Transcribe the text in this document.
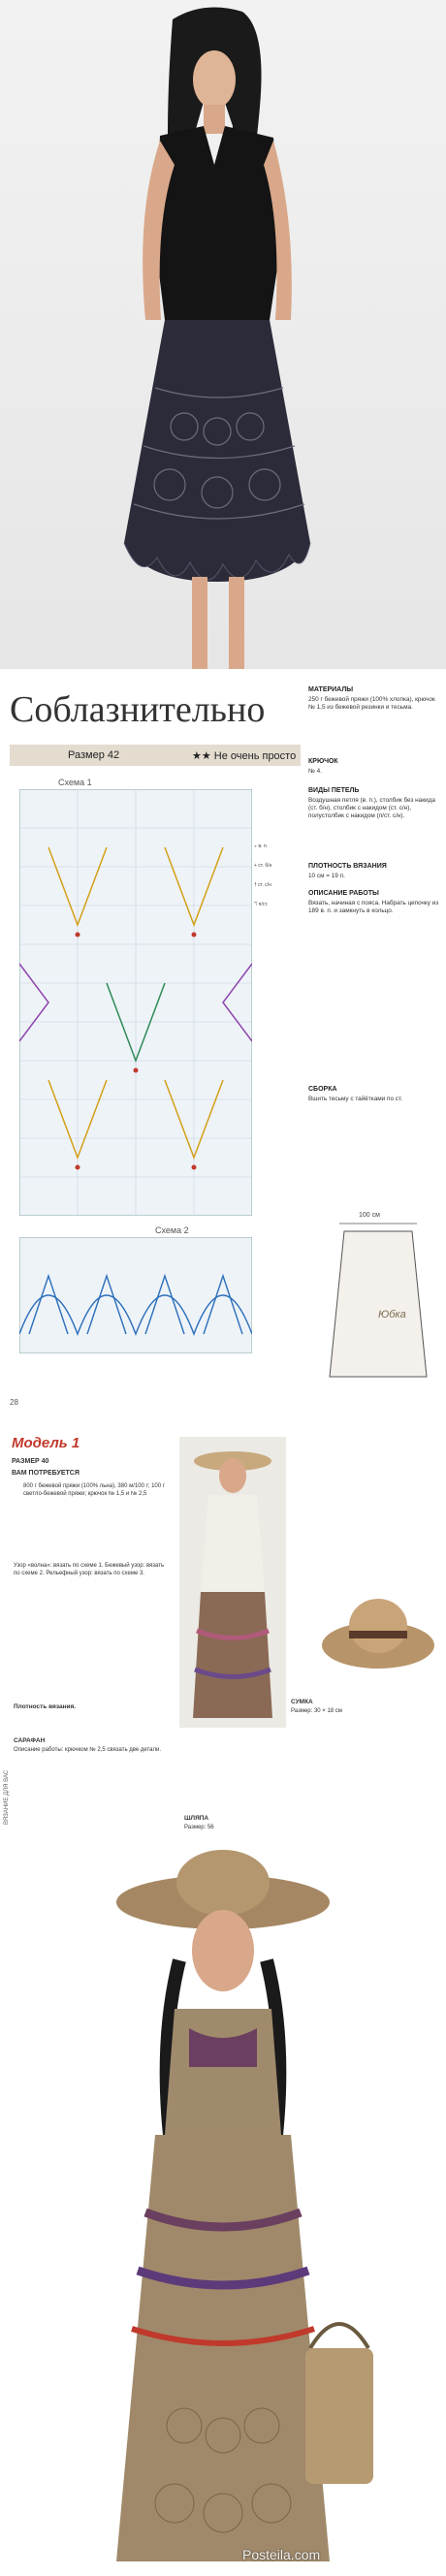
Соблазнительно
Размер 42	★★ Не очень просто
Схема 1
∘ в. п.
+ ст. б/н
† ст. с/н
ℸ п/ст.
Схема 2
100 см
Юбка
28
МАТЕРИАЛЫ
250 г бежевой пряжи (100% хлопка), крючок № 1,5 из бежевой резинки и тесьма.
КРЮЧОК
№ 4.
ВИДЫ ПЕТЕЛЬ
Воздушная петля (в. п.), столбик без накида (ст. б/н), столбик с накидом (ст. с/н), полустолбик с накидом (п/ст. с/н).
ПЛОТНОСТЬ ВЯЗАНИЯ
10 см = 19 п.
ОПИСАНИЕ РАБОТЫ
Вязать, начиная с пояса. Набрать цепочку из 189 в. п. и замкнуть в кольцо.
СБОРКА
Вшить тесьму с тайётками по ст.
Модель 1
РАЗМЕР 40
ВАМ ПОТРЕБУЕТСЯ
800 г бежевой пряжи (100% льна), 380 м/100 г; 100 г светло-бежевой пряжи; крючок № 1,5 и № 2,5
Узор «волна»: вязать по схеме 1. Бежевый узор: вязать по схеме 2. Рельефный узор: вязать по схеме 3.
Плотность вязания.
САРАФАН
Описание работы: крючком № 2,5 связать две детали.
ШЛЯПА
Размер: 56
СУМКА
Размер: 30 × 18 см
ВЯЗАНИЕ ДЛЯ ВАС
Posteila.com
